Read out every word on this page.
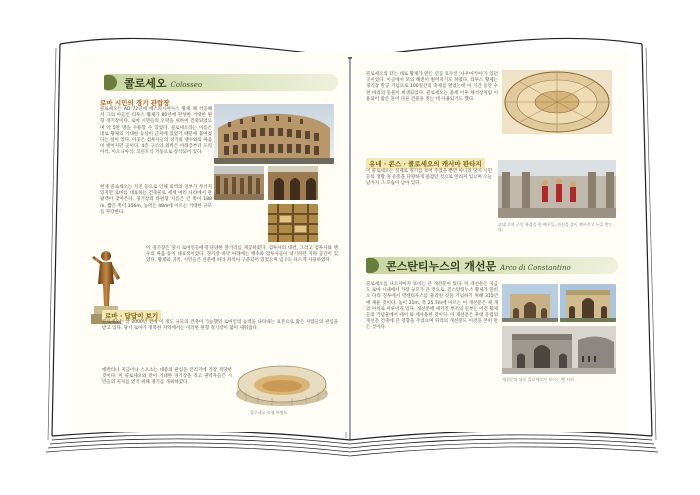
콜로세오 Colosseo
로마 시민의 경기 관람장
콜로세오는 AD 72년에 베스파시아누스 황제 때 착공해서 그의 아들인 티투스 황제가 80년에 완성한 거대한 원형 경기장이다. 로마 시민들의 오락을 위하여 건축되었으며 약 5만 명을 수용할 수 있었다. 콜로세오라는 이름은 네로 황제의 거대한 동상이 근처에 있었기 때문에 붙여졌다는 설이 있다. 이곳은 검투사들의 경기와 맹수와의 싸움이 벌어지던 곳이다. 4층 구조의 외벽은 아래층부터 도리아식, 이오니아식, 코린트식 기둥으로 장식되어 있다.
현재 콜로세오는 지진 등으로 인해 외벽의 일부가 무너져 있지만 로마를 대표하는 건축물로 세계 여러 나라에서 관광객이 찾아온다. 경기장의 타원형 지름은 긴 쪽이 188m, 짧은 쪽이 156m, 높이는 48m에 이르는 거대한 규모를 자랑한다.
이 경기장은 당시 로마인들에게 다양한 볼거리를 제공하였다. 검투사의 대결, 그리고 검투사와 맹수의 싸움 등이 대표적이었다. 경기장 바닥 아래에는 맹수와 검투사들이 대기하던 지하 공간이 있었다. 황제와 귀족, 시민들은 신분에 따라 좌석이 구분되어 있었으며 입구도 다르게 사용하였다.
로마 · 답답이 보기
콜로세오는 약 2000년 전에 이 정도 규모의 건축이 가능했던 로마인의 능력을 나타내는 표본으로 많은 사람들의 관심을 받고 있다. 당시 로마가 정복한 지역에서는 이러한 원형 경기장이 많이 세워졌다.
에반티나 지금이나 스포츠는 대중의 관심을 끌리기에 가장 적당한 것이다. 이 콜로세오와 같이 거대한 경기장을 짓고 권력자들은 시민들의 지지를 얻기 위해 경기를 개최하였다.
콜로세오 모형 복원도
콜로세오의 터는 네로 황제가 만든 인공 호수인 '나우마키아'가 있던 곳이었다. 이곳에서 모의 해전이 벌어지기도 하였다. 티투스 황제는 경기장 완공 기념으로 100일간의 축제를 열었는데 이 기간 동안 수천 마리의 동물이 희생되었다. 콜로세오는 중세 이후 채석장처럼 이용되어 많은 돌이 다른 건물을 짓는 데 사용되기도 했다.
유네 · 콘스 · 콜로세오의 캐서마 판타지
이 콜로세오는 실제로 경기를 보여 주었을 뿐만 아니라 당시 시민들의 생활 속 유흥을 다양하게 즐겼던 것으로 알려져 있으며 오늘날까지 그 모습이 남아 있다.
고대 로마 군인 복장을 한 배우들. 사진을 같이 찍어주고 돈을 받는다.
콘스탄티누스의 개선문 Arco di Constantino
콜로세오를 나오자마자 보이는 큰 개선문이 있다. 이 개선문은 지금도 로마 시내에서 가장 규모가 큰 것으로, 콘스탄티누스 황제가 밀비오 다리 전투에서 막센티우스를 물리친 것을 기념하기 위해 315년에 세운 것이다. 높이 21m, 폭 25.7m에 이르는 이 개선문은 세 개의 아치로 이루어져 있다. 개선문에 새겨진 부조의 일부는 이전 황제들의 기념물에서 떼어 와 재사용한 것이다. 이 개선문은 후대 유럽의 개선문 건축에 큰 영향을 주었으며 파리의 개선문도 이것을 본떠 만든 것이다.
개선문과 뒤로 콜로세오가 보이는 옛 사진
